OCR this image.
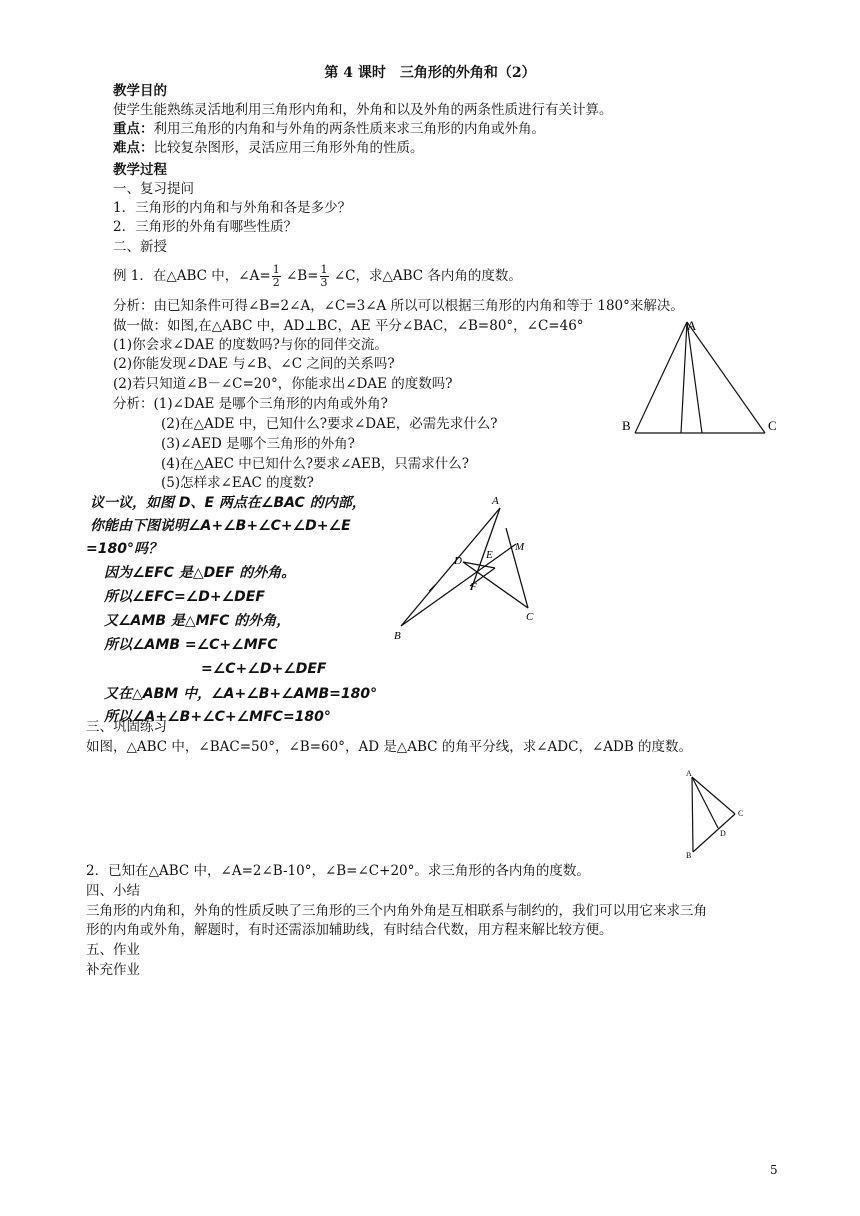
第 4 课时　三角形的外角和（2）
教学目的
使学生能熟练灵活地利用三角形内角和，外角和以及外角的两条性质进行有关计算。
重点：利用三角形的内角和与外角的两条性质来求三角形的内角或外角。
难点：比较复杂图形，灵活应用三角形外角的性质。
教学过程
一、复习提问
1．三角形的内角和与外角和各是多少？
2．三角形的外角有哪些性质？
二、新授
例 1．在△ABC 中，∠A= $\frac{1}{2}$ ∠B= $\frac{1}{3}$ ∠C，求△ABC 各内角的度数。
分析：由已知条件可得∠B=2∠A，∠C=3∠A 所以可以根据三角形的内角和等于 180°来解决。
做一做：如图,在△ABC 中，AD⊥BC，AE 平分∠BAC，∠B=80°，∠C=46°
(1)你会求∠DAE 的度数吗?与你的同伴交流。
(2)你能发现∠DAE 与∠B、∠C 之间的关系吗?
(2)若只知道∠B－∠C=20°，你能求出∠DAE 的度数吗?
分析：(1)∠DAE 是哪个三角形的内角或外角?
(2)在△ADE 中，已知什么?要求∠DAE，必需先求什么?
(3)∠AED 是哪个三角形的外角?
(4)在△AEC 中已知什么?要求∠AEB，只需求什么?
(5)怎样求∠EAC 的度数?
A
B	C
议一议，如图 D、E 两点在∠BAC 的内部，
你能由下图说明∠A+∠B+∠C+∠D+∠E
=180°吗？
因为∠EFC 是△DEF 的外角。
所以∠EFC=∠D+∠DEF
又∠AMB 是△MFC 的外角，
所以∠AMB =∠C+∠MFC
=∠C+∠D+∠DEF
又在△ABM 中，∠A+∠B+∠AMB=180°
所以∠A+∠B+∠C+∠MFC=180°
A
B
C
D E
F
M
三、巩固练习
如图，△ABC 中，∠BAC=50°，∠B=60°，AD 是△ABC 的角平分线，求∠ADC，∠ADB 的度数。
A
B
C
D
2．已知在△ABC 中，∠A=2∠B-10°，∠B=∠C+20°。求三角形的各内角的度数。
四、小结
三角形的内角和，外角的性质反映了三角形的三个内角外角是互相联系与制约的，我们可以用它来求三角
形的内角或外角，解题时，有时还需添加辅助线，有时结合代数，用方程来解比较方便。
五、作业
补充作业
5
